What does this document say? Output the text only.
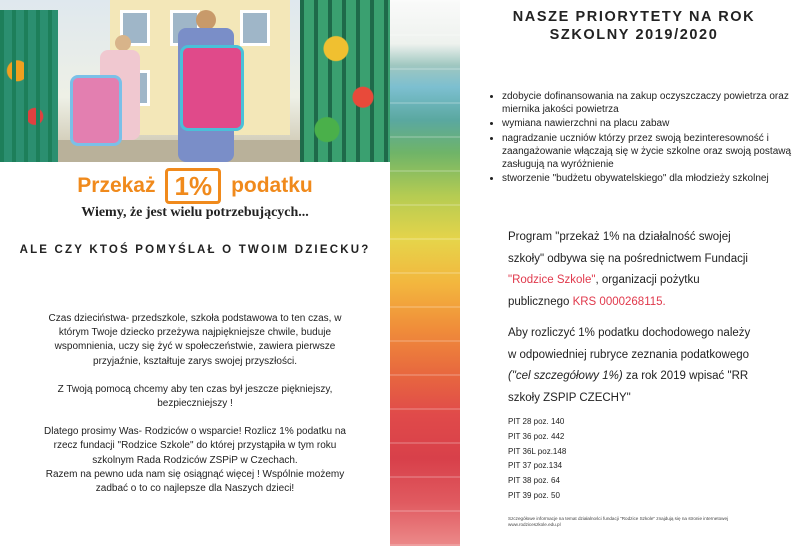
Przekaż 1% podatku
Wiemy, że jest wielu potrzebujących...
ALE CZY KTOŚ POMYŚLAŁ O TWOIM DZIECKU?

Czas dzieciństwa- przedszkole, szkoła podstawowa to ten czas, w którym Twoje dziecko przeżywa najpiękniejsze chwile, buduje wspomnienia, uczy się żyć w społeczeństwie, zawiera pierwsze przyjaźnie, kształtuje zarys swojej przyszłości.

Z Twoją pomocą chcemy aby ten czas był jeszcze piękniejszy, bezpieczniejszy !

Dlatego prosimy Was- Rodziców o wsparcie! Rozlicz 1% podatku na rzecz fundacji "Rodzice Szkole" do której przystąpiła w tym roku szkolnym Rada Rodziców ZSPiP w Czechach.

Razem na pewno uda nam się osiągnąć więcej ! Wspólnie możemy zadbać o to co najlepsze dla Naszych dzieci!

NASZE PRIORYTETY NA ROK
SZKOLNY 2019/2020
• zdobycie dofinansowania na zakup oczyszczaczy powietrza oraz miernika jakości powietrza
• wymiana nawierzchni na placu zabaw
• nagradzanie uczniów którzy przez swoją bezinteresowność i zaangażowanie włączają się w życie szkolne oraz swoją postawą zasługują na wyróżnienie
• stworzenie "budżetu obywatelskiego" dla młodzieży szkolnej
Program "przekaż 1% na działalność swojej szkoły" odbywa się na pośrednictwem Fundacji "Rodzice Szkole", organizacji pożytku publicznego KRS 0000268115.
Aby rozliczyć 1% podatku dochodowego należy w odpowiedniej rubryce zeznania podatkowego ("cel szczegółowy 1%) za rok 2019 wpisać "RR szkoły ZSPIP CZECHY"
PIT 28 poz. 140
PIT 36 poz. 442
PIT 36L poz.148
PIT 37 poz.134
PIT 38 poz. 64
PIT 39 poz. 50
Szczegółowe informacje na temat działalności fundacji "Rodzice Szkole" znajdują się na stronie internetowej
www.rodziceszkole.edu.pl
